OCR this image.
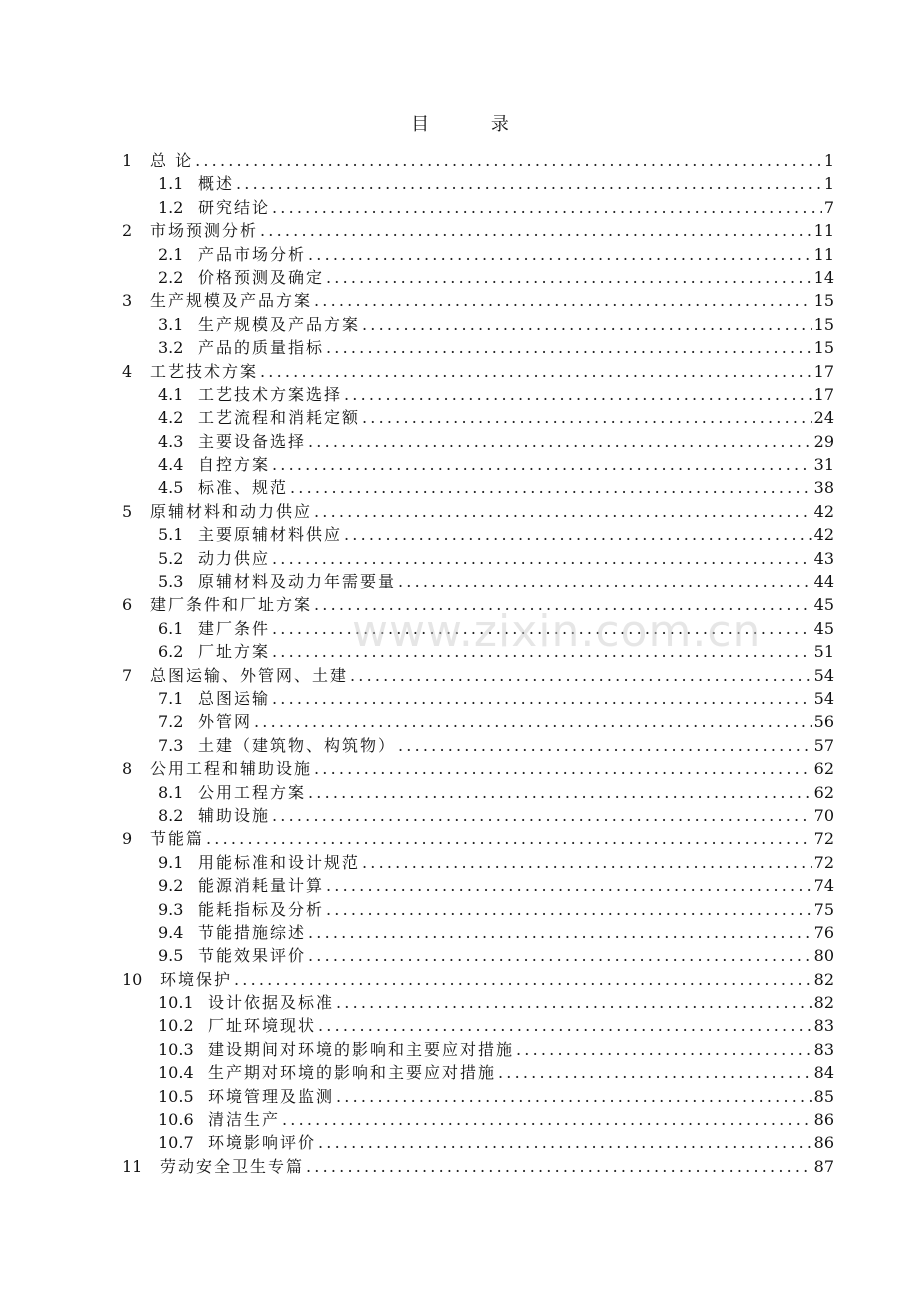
目 录
1	总 论 .....	1
1.1 概述 .....	1
1.2 研究结论 .....	7
2	市场预测分析 .....	11
2.1 产品市场分析 .....	11
2.2 价格预测及确定 .....	14
3	生产规模及产品方案 .....	15
3.1 生产规模及产品方案 .....	15
3.2 产品的质量指标 .....	15
4	工艺技术方案 .....	17
4.1 工艺技术方案选择 .....	17
4.2 工艺流程和消耗定额 .....	24
4.3 主要设备选择 .....	29
4.4 自控方案 .....	31
4.5 标准、规范 .....	38
5	原辅材料和动力供应 .....	42
5.1 主要原辅材料供应 .....	42
5.2 动力供应 .....	43
5.3 原辅材料及动力年需要量 .....	44
6	建厂条件和厂址方案 .....	45
6.1 建厂条件 .....	45
6.2 厂址方案 .....	51
7	总图运输、外管网、土建 .....	54
7.1 总图运输 .....	54
7.2 外管网 .....	56
7.3 土建（建筑物、构筑物） .....	57
8	公用工程和辅助设施 .....	62
8.1 公用工程方案 .....	62
8.2 辅助设施 .....	70
9	节能篇 .....	72
9.1 用能标准和设计规范 .....	72
9.2 能源消耗量计算 .....	74
9.3 能耗指标及分析 .....	75
9.4 节能措施综述 .....	76
9.5 节能效果评价 .....	80
10	环境保护 .....	82
10.1 设计依据及标准 .....	82
10.2 厂址环境现状 .....	83
10.3 建设期间对环境的影响和主要应对措施 .....	83
10.4 生产期对环境的影响和主要应对措施 .....	84
10.5 环境管理及监测 .....	85
10.6 清洁生产 .....	86
10.7 环境影响评价 .....	86
11	劳动安全卫生专篇 .....	87
www.zixin.com.cn
